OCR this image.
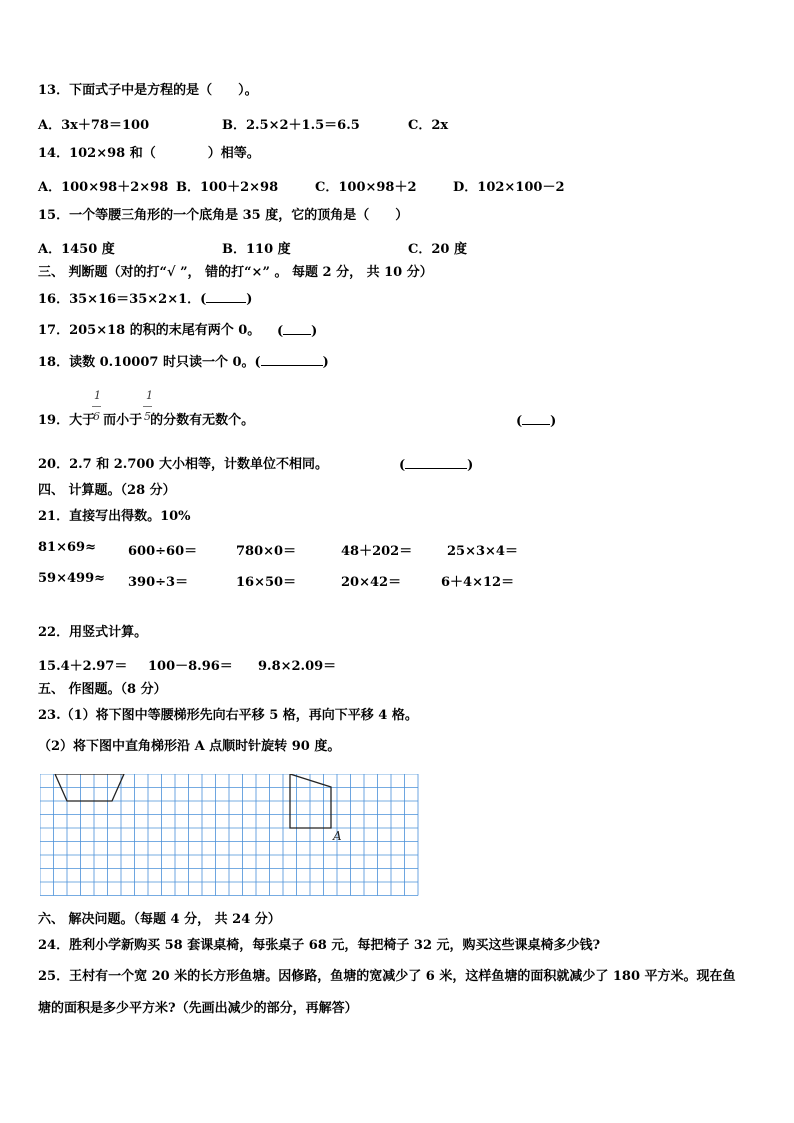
13．下面式子中是方程的是（　　）。
A．3x＋78＝100	B．2.5×2＋1.5＝6.5	C．2x
14．102×98 和（　　　　）相等。
A．100×98＋2×98 B．100＋2×98	C．100×98＋2	D．102×100－2
15．一个等腰三角形的一个底角是 35 度，它的顶角是（　　）
A．1450 度	B．110 度	C．20 度
三、 判断题（对的打“√ ”， 错的打“×” 。 每题 2 分， 共 10 分）
16．35×16＝35×2×1．(	)
17．205×18 的积的末尾有两个 0。 ( )
18．读数 0.10007 时只读一个 0。(	)
19．大于 而小于 的分数有无数个。
1
6
1
5	( )
20．2.7 和 2.700 大小相等，计数单位不相同。	(	)
四、 计算题。（28 分）
21．直接写出得数。10%
81×69≈ 600÷60＝	780×0＝	48＋202＝	25×3×4＝
59×499≈ 390÷3＝	16×50＝	20×42＝	6＋4×12＝
22．用竖式计算。
15.4＋2.97＝ 100－8.96＝ 9.8×2.09＝
五、 作图题。（8 分）
23.（1）将下图中等腰梯形先向右平移 5 格，再向下平移 4 格。
（2）将下图中直角梯形沿 A 点顺时针旋转 90 度。
A
六、 解决问题。（每题 4 分， 共 24 分）
24．胜利小学新购买 58 套课桌椅，每张桌子 68 元，每把椅子 32 元，购买这些课桌椅多少钱?
25．王村有一个宽 20 米的长方形鱼塘。因修路，鱼塘的宽减少了 6 米，这样鱼塘的面积就减少了 180 平方米。现在鱼
塘的面积是多少平方米?（先画出减少的部分，再解答）
